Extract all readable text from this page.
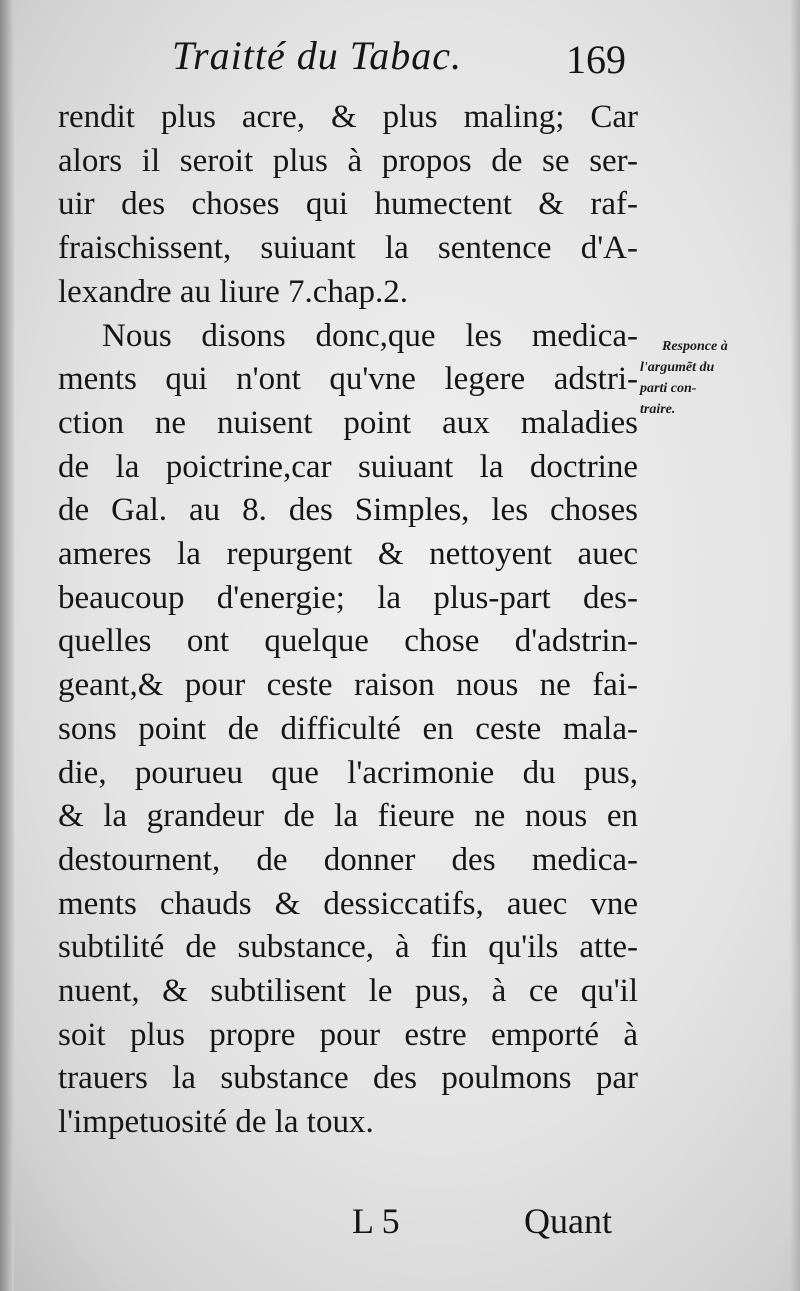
Traitté du Tabac.	169
rendit plus acre, & plus maling; Car
alors il seroit plus à propos de se ser-
uir des choses qui humectent & raf-
fraischissent, suiuant la sentence d'A-
lexandre au liure 7.chap.2.
Nous disons donc,que les medica-
ments qui n'ont qu'vne legere adstri-
ction ne nuisent point aux maladies
de la poictrine,car suiuant la doctrine
de Gal. au 8. des Simples, les choses
ameres la repurgent & nettoyent auec
beaucoup d'energie; la plus-part des-
quelles ont quelque chose d'adstrin-
geant,& pour ceste raison nous ne fai-
sons point de difficulté en ceste mala-
die, pourueu que l'acrimonie du pus,
& la grandeur de la fieure ne nous en
destournent, de donner des medica-
ments chauds & dessiccatifs, auec vne
subtilité de substance, à fin qu'ils atte-
nuent, & subtilisent le pus, à ce qu'il
soit plus propre pour estre emporté à
trauers la substance des poulmons par
l'impetuosité de la toux.
Responce à
l'argumẽt du
parti con-
traire.
L 5	Quant
